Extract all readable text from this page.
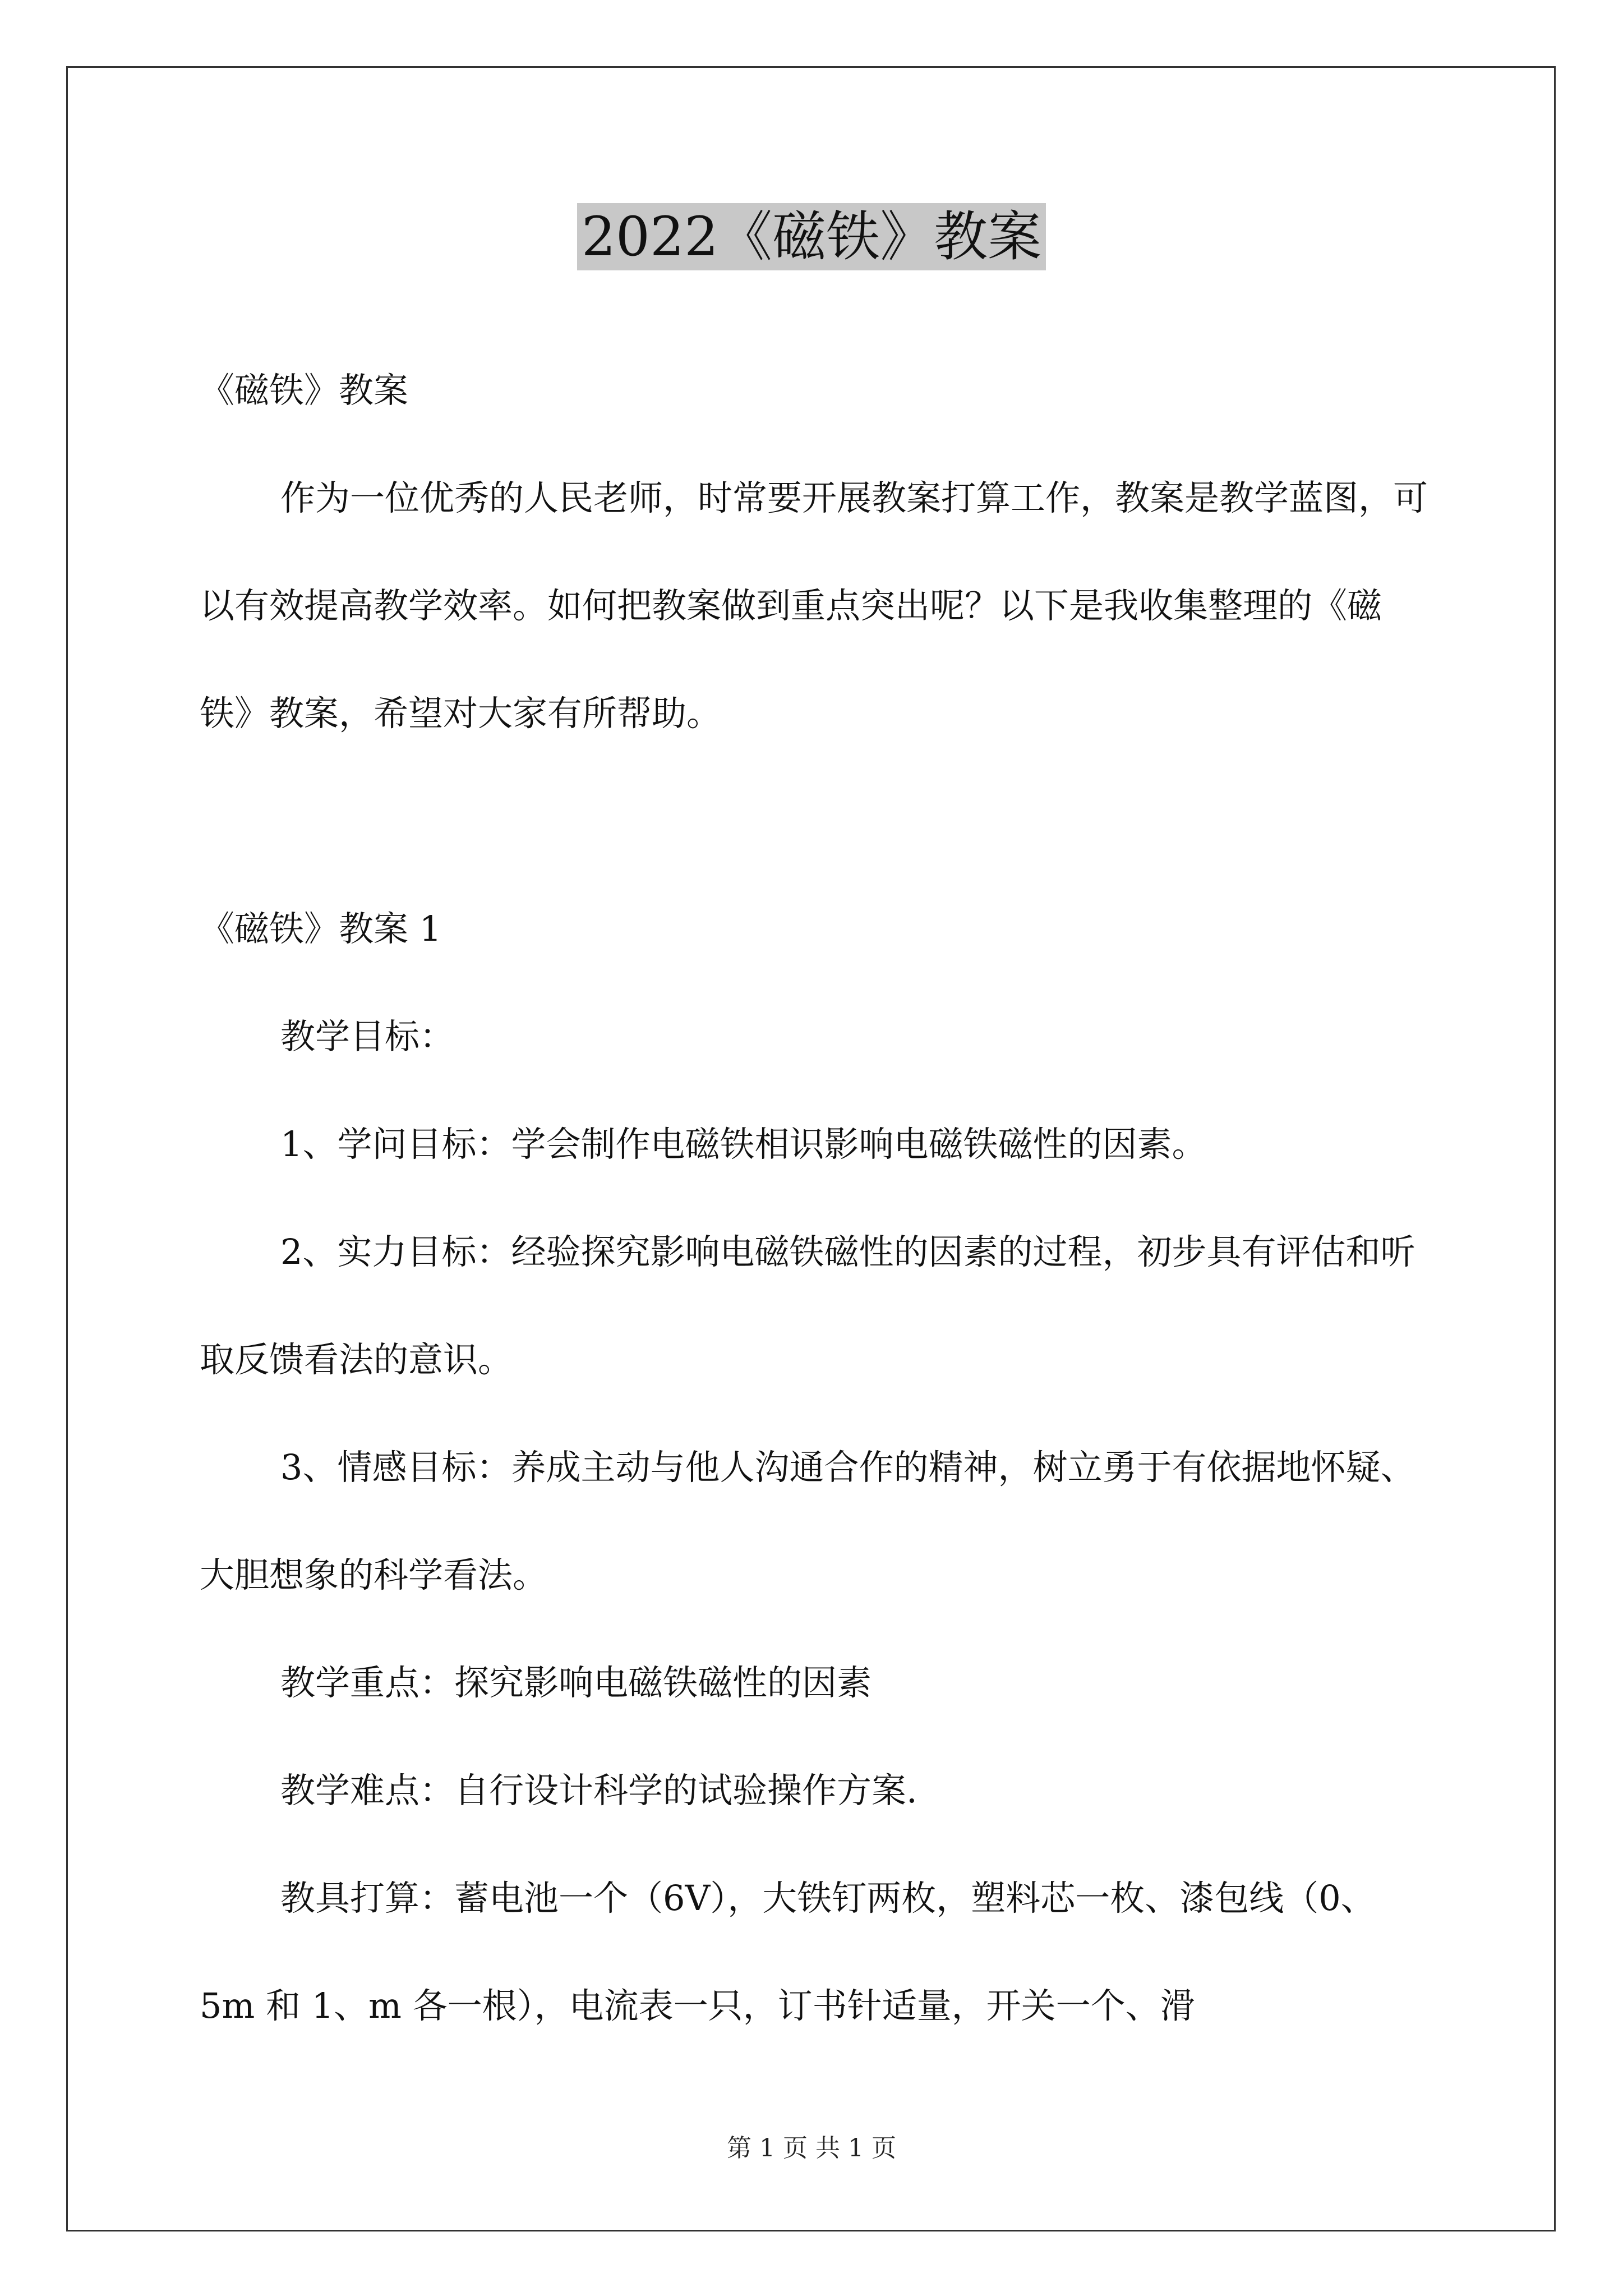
2022《磁铁》教案

《磁铁》教案

作为一位优秀的人民老师，时常要开展教案打算工作，教案是教学蓝图，可以有效提高教学效率。如何把教案做到重点突出呢？以下是我收集整理的《磁铁》教案，希望对大家有所帮助。

《磁铁》教案 1

教学目标：

1、学问目标：学会制作电磁铁相识影响电磁铁磁性的因素。

2、实力目标：经验探究影响电磁铁磁性的因素的过程，初步具有评估和听取反馈看法的意识。

3、情感目标：养成主动与他人沟通合作的精神，树立勇于有依据地怀疑、大胆想象的科学看法。

教学重点：探究影响电磁铁磁性的因素

教学难点：自行设计科学的试验操作方案.

教具打算：蓄电池一个（6V），大铁钉两枚，塑料芯一枚、漆包线（0、5m 和 1、m 各一根），电流表一只，订书针适量，开关一个、滑

第 1 页 共 1 页
